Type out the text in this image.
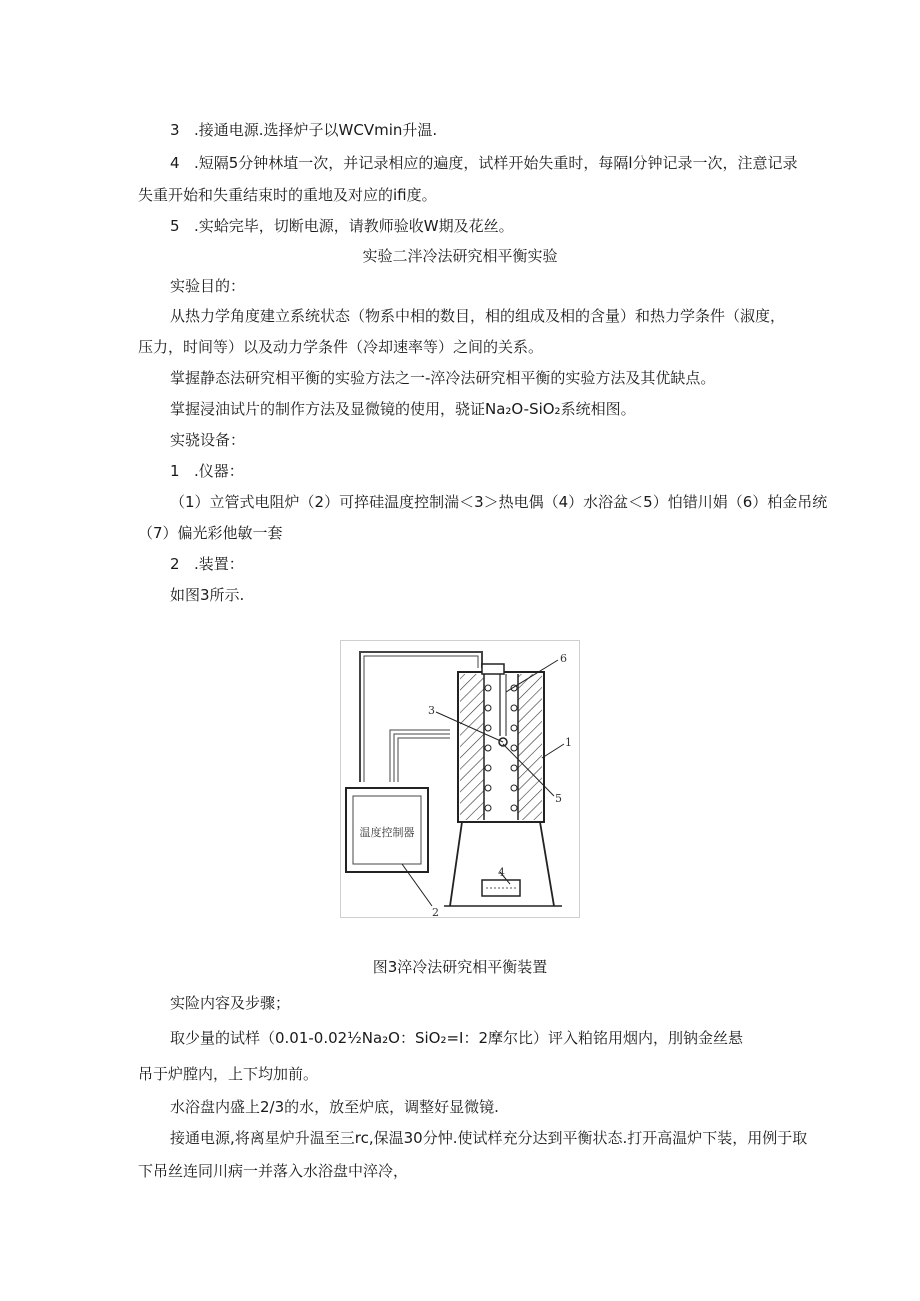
3 .接通电源.选择炉子以WCVmin升温.
4 .短隔5分钟林埴一次，并记录相应的遍度，试样开始失重时，每隔l分钟记录一次，注意记录
失重开始和失重结束时的重地及对应的ifi度。
5 .实蛤完毕，切断电源，请教师验收W期及花丝。
实验二泮冷法研究相平衡实验
实验目的：
从热力学角度建立系统状态（物系中相的数目，相的组成及相的含量）和热力学条件（淑度，
压力，时间等）以及动力学条件（冷却速率等）之间的关系。
掌握静态法研究相平衡的实验方法之一-淬冷法研究相平衡的实验方法及其优缺点。
掌握浸油试片的制作方法及显微镜的使用，骁证Na₂O-SiO₂系统相图。
实骁设备：
1 .仪器：
（1）立管式电阻炉（2）可捽硅温度控制湍＜3＞热电偶（4）水浴盆＜5）怕错川娟（6）柏金吊统
（7）偏光彩他敏一套
2 .装置：
如图3所示.
温度控制器
6
3
1
5
4
2
图3淬冷法研究相平衡装置
实险内容及步骤；
取少量的试样（0.01-0.02½Na₂O：SiO₂=I：2摩尔比）评入粕铭用烟内，刖钠金丝悬
吊于炉膛内，上下均加前。
水浴盘内盛上2/3的水，放至炉底，调整好显微镜.
接通电源,将离星炉升温至三rc,保温30分忡.使试样充分达到平衡状态.打开高温炉下装，用例于取
下吊丝连同川病一并落入水浴盘中淬冷，
